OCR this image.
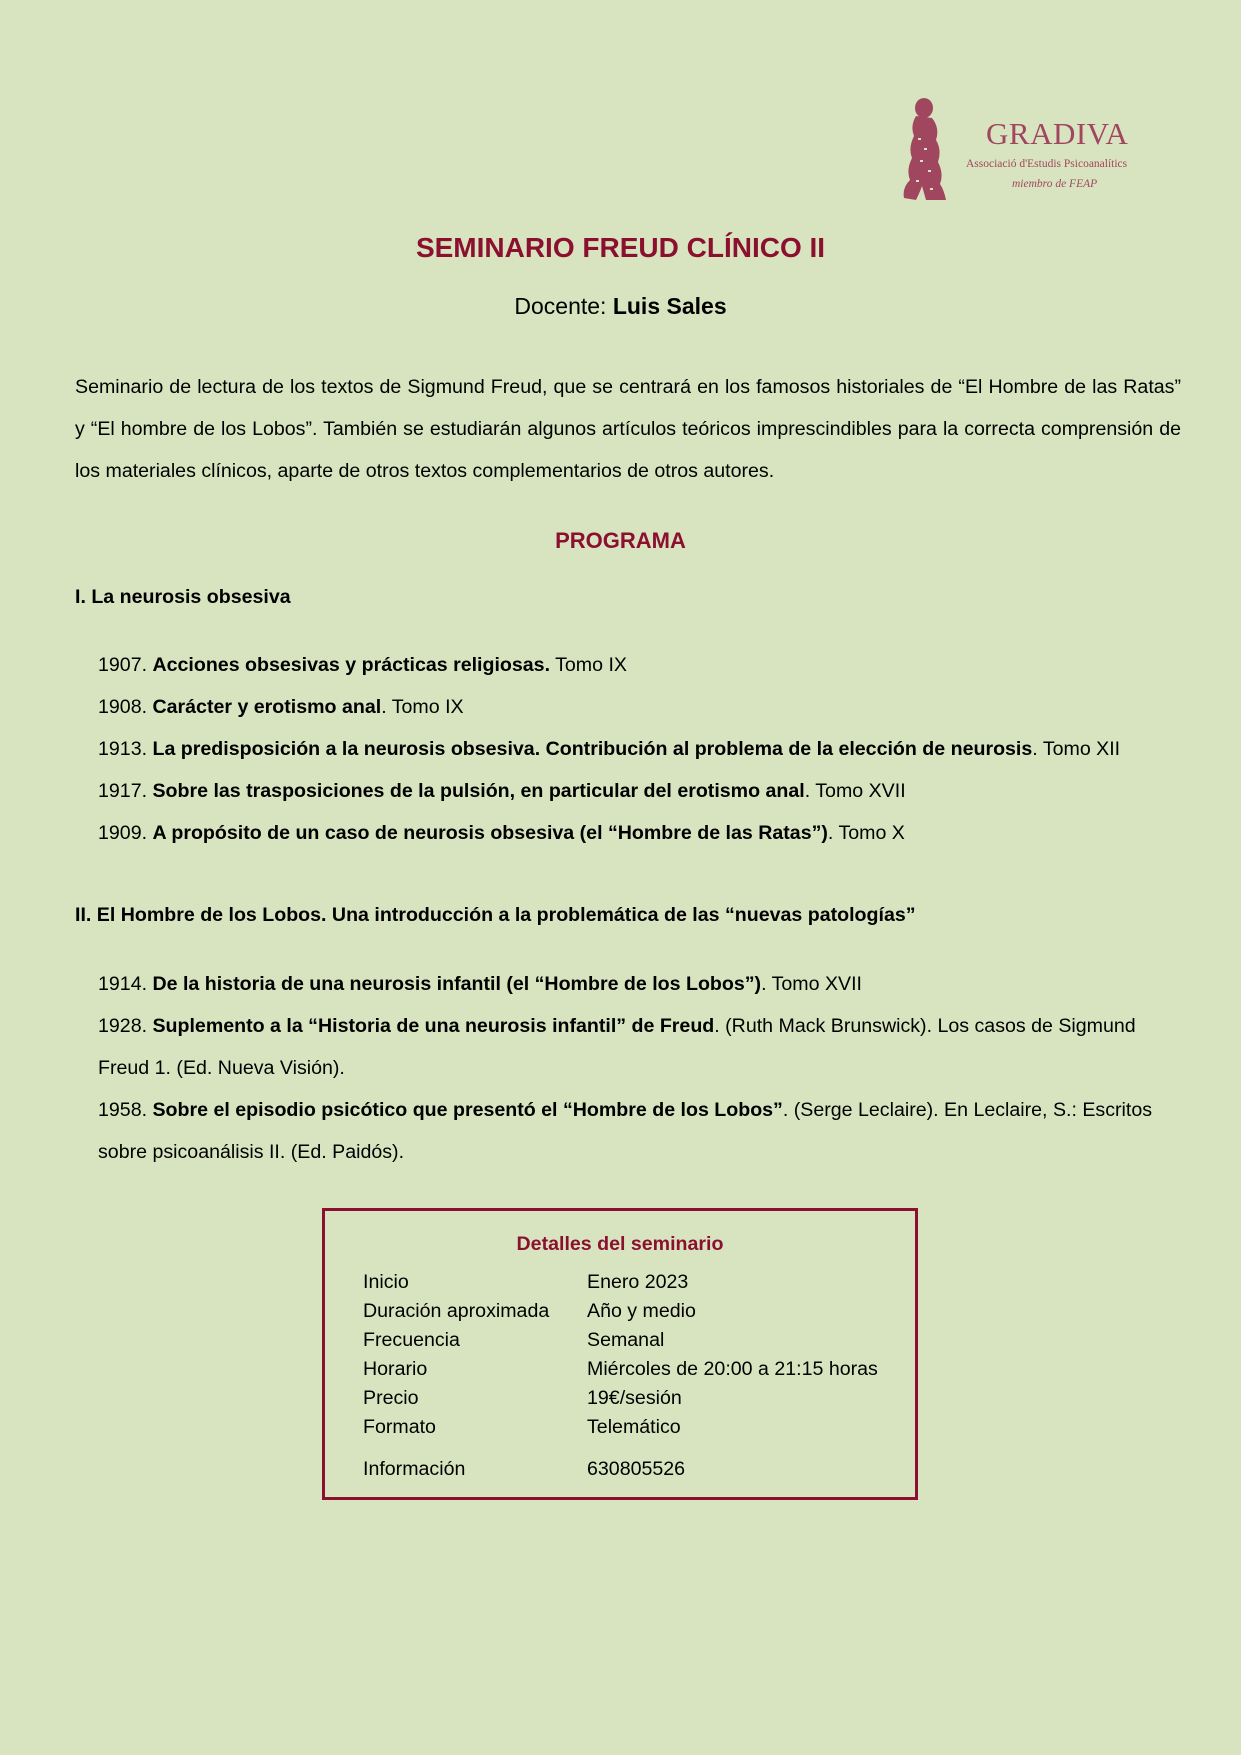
GRADIVA
Associació d'Estudis Psicoanalítics
miembro de FEAP
SEMINARIO FREUD CLÍNICO II

Docente: Luis Sales

Seminario de lectura de los textos de Sigmund Freud, que se centrará en los famosos historiales de “El Hombre de las Ratas” y “El hombre de los Lobos”. También se estudiarán algunos artículos teóricos imprescindibles para la correcta comprensión de los materiales clínicos, aparte de otros textos complementarios de otros autores.

PROGRAMA
I. La neurosis obsesiva
1907. Acciones obsesivas y prácticas religiosas. Tomo IX
1908. Carácter y erotismo anal. Tomo IX
1913. La predisposición a la neurosis obsesiva. Contribución al problema de la elección de neurosis. Tomo XII
1917. Sobre las trasposiciones de la pulsión, en particular del erotismo anal. Tomo XVII
1909. A propósito de un caso de neurosis obsesiva (el “Hombre de las Ratas”). Tomo X
II. El Hombre de los Lobos. Una introducción a la problemática de las “nuevas patologías”
1914. De la historia de una neurosis infantil (el “Hombre de los Lobos”). Tomo XVII
1928. Suplemento a la “Historia de una neurosis infantil” de Freud. (Ruth Mack Brunswick). Los casos de Sigmund Freud 1. (Ed. Nueva Visión).
1958. Sobre el episodio psicótico que presentó el “Hombre de los Lobos”. (Serge Leclaire). En Leclaire, S.: Escritos sobre psicoanálisis II. (Ed. Paidós).
Detalles del seminario
Inicio	Enero 2023
Duración aproximada	Año y medio
Frecuencia	Semanal
Horario	Miércoles de 20:00 a 21:15 horas
Precio	19€/sesión
Formato	Telemático
Información	630805526
